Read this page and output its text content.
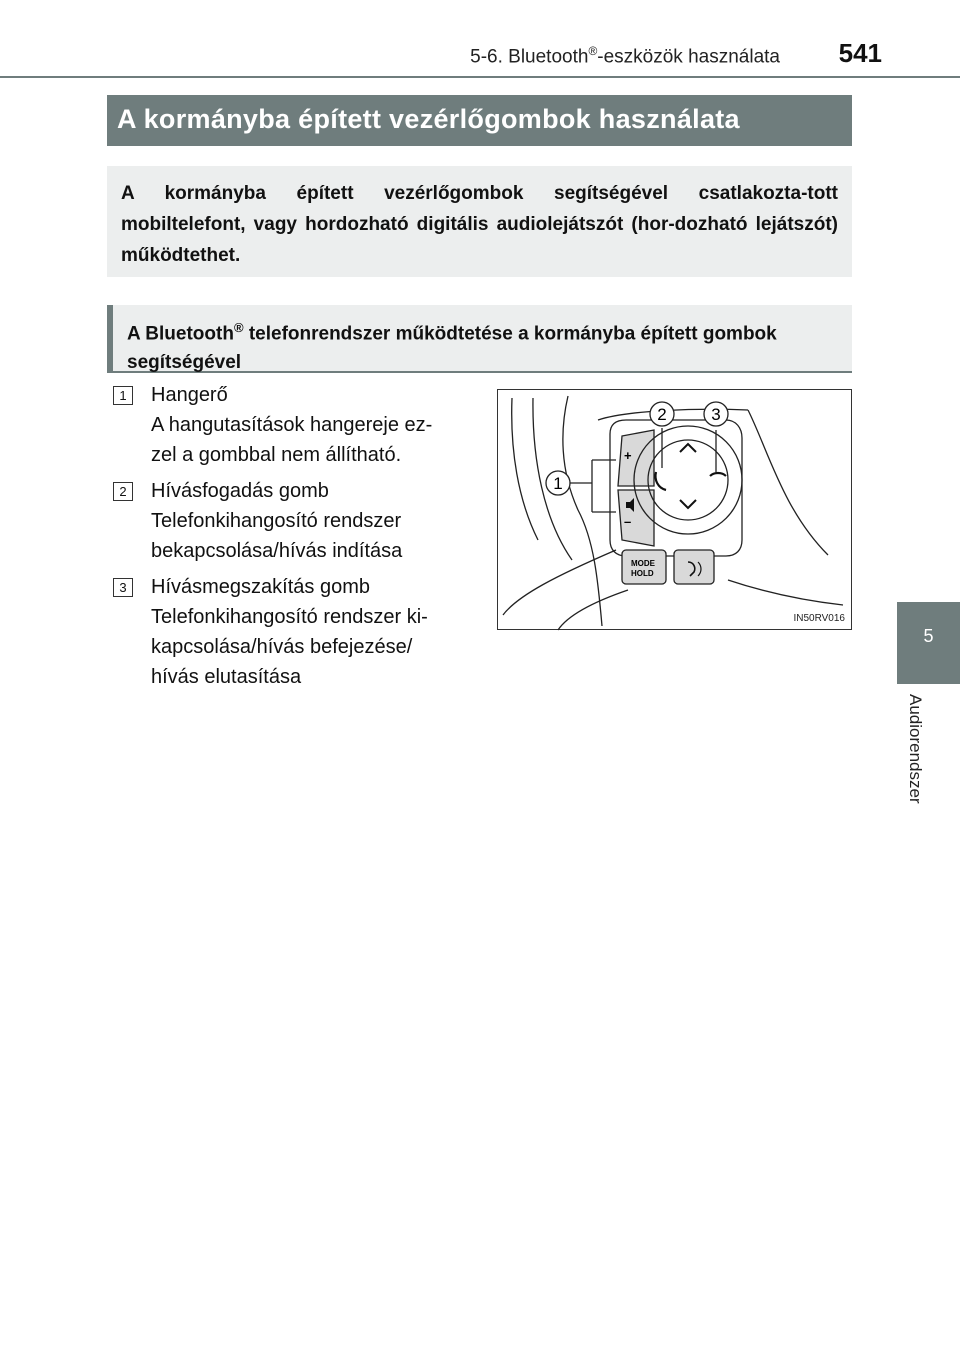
5-6. Bluetooth®-eszközök használata 541
5
Audiorendszer
A kormányba épített vezérlőgombok használata
A kormányba épített vezérlőgombok segítségével csatlakozta-tott mobiltelefont, vagy hordozható digitális audiolejátszót (hor-dozható lejátszót) működtethet.
A Bluetooth® telefonrendszer működtetése a kormányba épített gombok segítségével
1	Hangerő
A hangutasítások hangereje ez-
zel a gombbal nem állítható.
2	Hívásfogadás gomb
Telefonkihangosító rendszer
bekapcsolása/hívás indítása
3	Hívásmegszakítás gomb
Telefonkihangosító rendszer ki-
kapcsolása/hívás befejezése/
hívás elutasítása
+
–
MODE
HOLD
2	3
1
IN50RV016
